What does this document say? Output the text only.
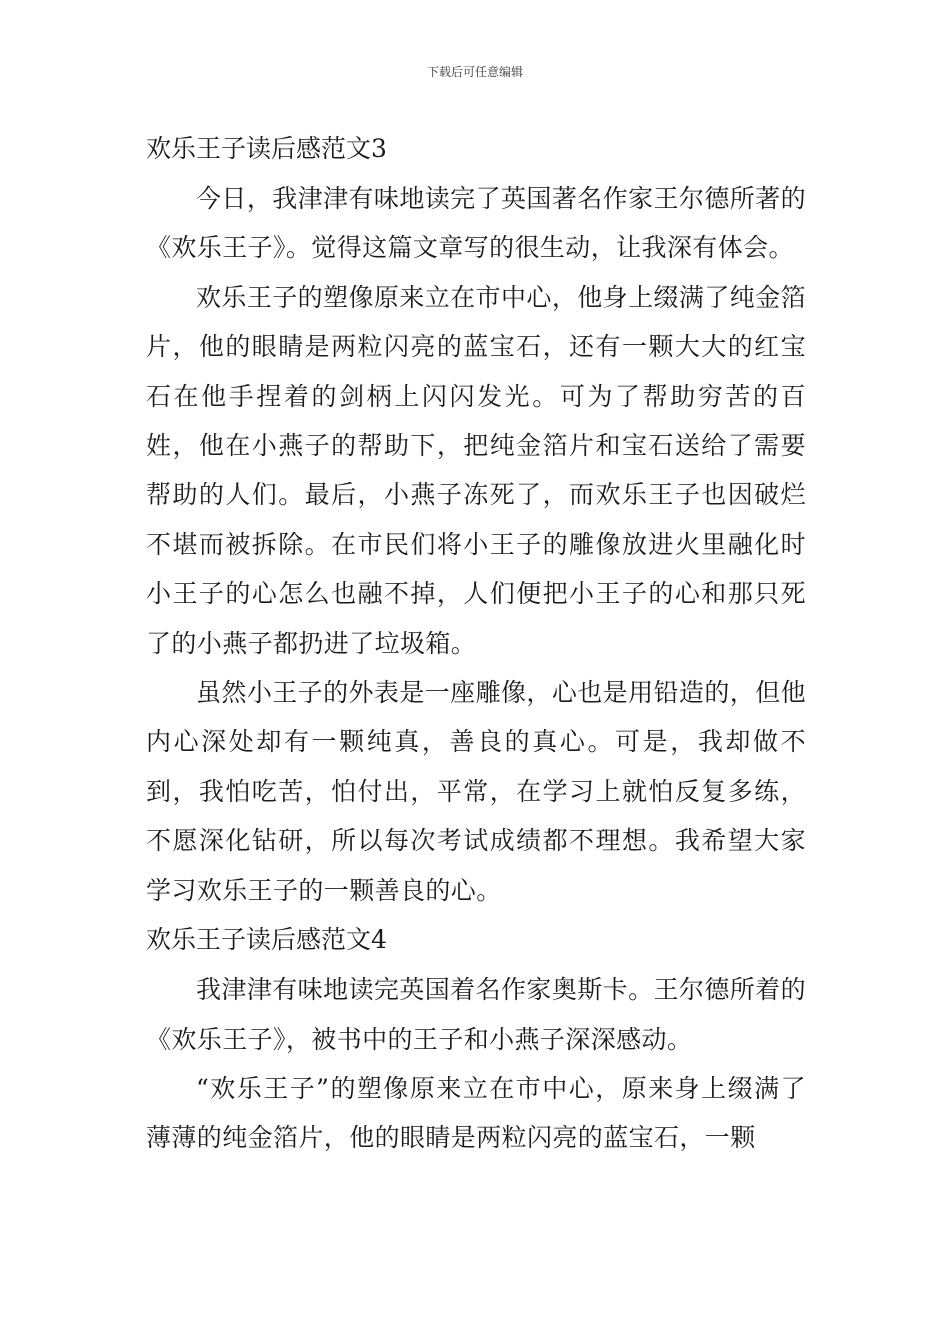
下载后可任意编辑
欢乐王子读后感范文3

今日，我津津有味地读完了英国著名作家王尔德所著的《欢乐王子》。觉得这篇文章写的很生动，让我深有体会。

欢乐王子的塑像原来立在市中心，他身上缀满了纯金箔片，他的眼睛是两粒闪亮的蓝宝石，还有一颗大大的红宝石在他手捏着的剑柄上闪闪发光。可为了帮助穷苦的百姓，他在小燕子的帮助下，把纯金箔片和宝石送给了需要帮助的人们。最后，小燕子冻死了，而欢乐王子也因破烂不堪而被拆除。在市民们将小王子的雕像放进火里融化时小王子的心怎么也融不掉，人们便把小王子的心和那只死了的小燕子都扔进了垃圾箱。

虽然小王子的外表是一座雕像，心也是用铅造的，但他内心深处却有一颗纯真，善良的真心。可是，我却做不到，我怕吃苦，怕付出，平常，在学习上就怕反复多练，不愿深化钻研，所以每次考试成绩都不理想。我希望大家学习欢乐王子的一颗善良的心。

欢乐王子读后感范文4

我津津有味地读完英国着名作家奥斯卡。王尔德所着的《欢乐王子》，被书中的王子和小燕子深深感动。

“欢乐王子”的塑像原来立在市中心，原来身上缀满了薄薄的纯金箔片，他的眼睛是两粒闪亮的蓝宝石，一颗
